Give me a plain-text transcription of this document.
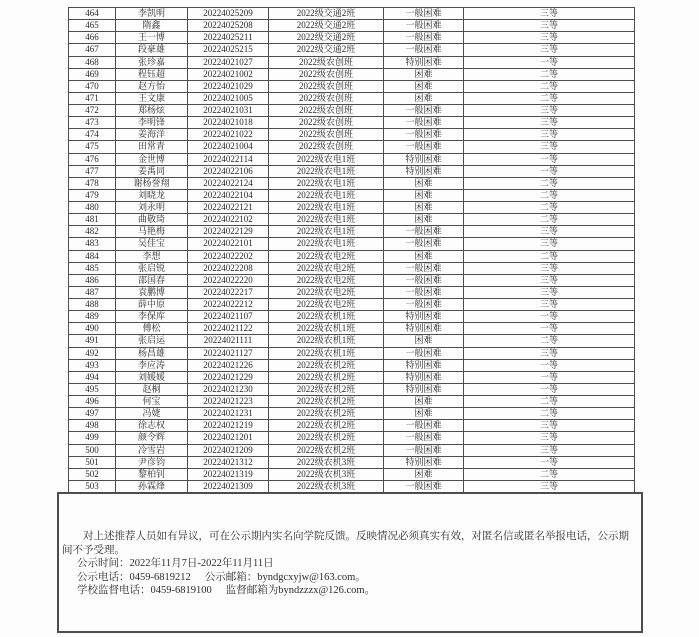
464	李凯明	20224025209	2022级交通2班	一般困难	三等
465	隋鑫	20224025208	2022级交通2班	一般困难	三等
466	王一博	20224025211	2022级交通2班	一般困难	三等
467	段豪雄	20224025215	2022级交通2班	一般困难	三等
468	张珍嘉	20224021027	2022级农创班	特别困难	一等
469	程钰超	20224021002	2022级农创班	困难	二等
470	赵方怡	20224021029	2022级农创班	困难	二等
471	王文康	20224021005	2022级农创班	困难	二等
472	郑杨炫	20224021031	2022级农创班	一般困难	三等
473	李明锋	20224021018	2022级农创班	一般困难	三等
474	姜海洋	20224021022	2022级农创班	一般困难	三等
475	田常青	20224021004	2022级农创班	一般困难	三等
476	金世博	20224022114	2022级农电1班	特别困难	一等
477	姜禹同	20224022106	2022级农电1班	特别困难	一等
478	谢杨誉翔	20224022124	2022级农电1班	困难	二等
479	刘晓龙	20224022104	2022级农电1班	困难	二等
480	刘永明	20224022121	2022级农电1班	困难	二等
481	曲敬琦	20224022102	2022级农电1班	困难	二等
482	马艳梅	20224022129	2022级农电1班	一般困难	三等
483	吴佳宝	20224022101	2022级农电1班	一般困难	三等
484	李想	20224022202	2022级农电2班	困难	二等
485	张启锐	20224022208	2022级农电2班	一般困难	三等
486	邵国春	20224022220	2022级农电2班	一般困难	三等
487	袁鹏博	20224022217	2022级农电2班	一般困难	三等
488	薛中原	20224022212	2022级农电2班	一般困难	三等
489	李保库	20224021107	2022级农机1班	特别困难	一等
490	傅松	20224021122	2022级农机1班	特别困难	一等
491	张启运	20224021111	2022级农机1班	困难	二等
492	杨昌雄	20224021127	2022级农机1班	一般困难	三等
493	李应涛	20224021226	2022级农机2班	特别困难	一等
494	刘媛媛	20224021229	2022级农机2班	特别困难	一等
495	赵桐	20224021230	2022级农机2班	特别困难	一等
496	何宝	20224021223	2022级农机2班	困难	二等
497	冯婕	20224021231	2022级农机2班	困难	二等
498	徐志权	20224021219	2022级农机2班	一般困难	三等
499	颜令辉	20224021201	2022级农机2班	一般困难	三等
500	冷雪岩	20224021209	2022级农机2班	一般困难	三等
501	尹彦钧	20224021312	2022级农机3班	特别困难	一等
502	黎柏钊	20224021319	2022级农机3班	困难	二等
503	孙霖烽	20224021309	2022级农机3班	一般困难	三等

对上述推荐人员如有异议，可在公示期内实名向学院反馈。反映情况必须真实有效，对匿名信或匿名举报电话，公示期间不予受理。

公示时间：2022年11月7日-2022年11月11日

公示电话：0459-6819212 公示邮箱：byndgcxyjw@163.com。

学校监督电话：0459-6819100 监督邮箱为byndzzzx@126.com。
